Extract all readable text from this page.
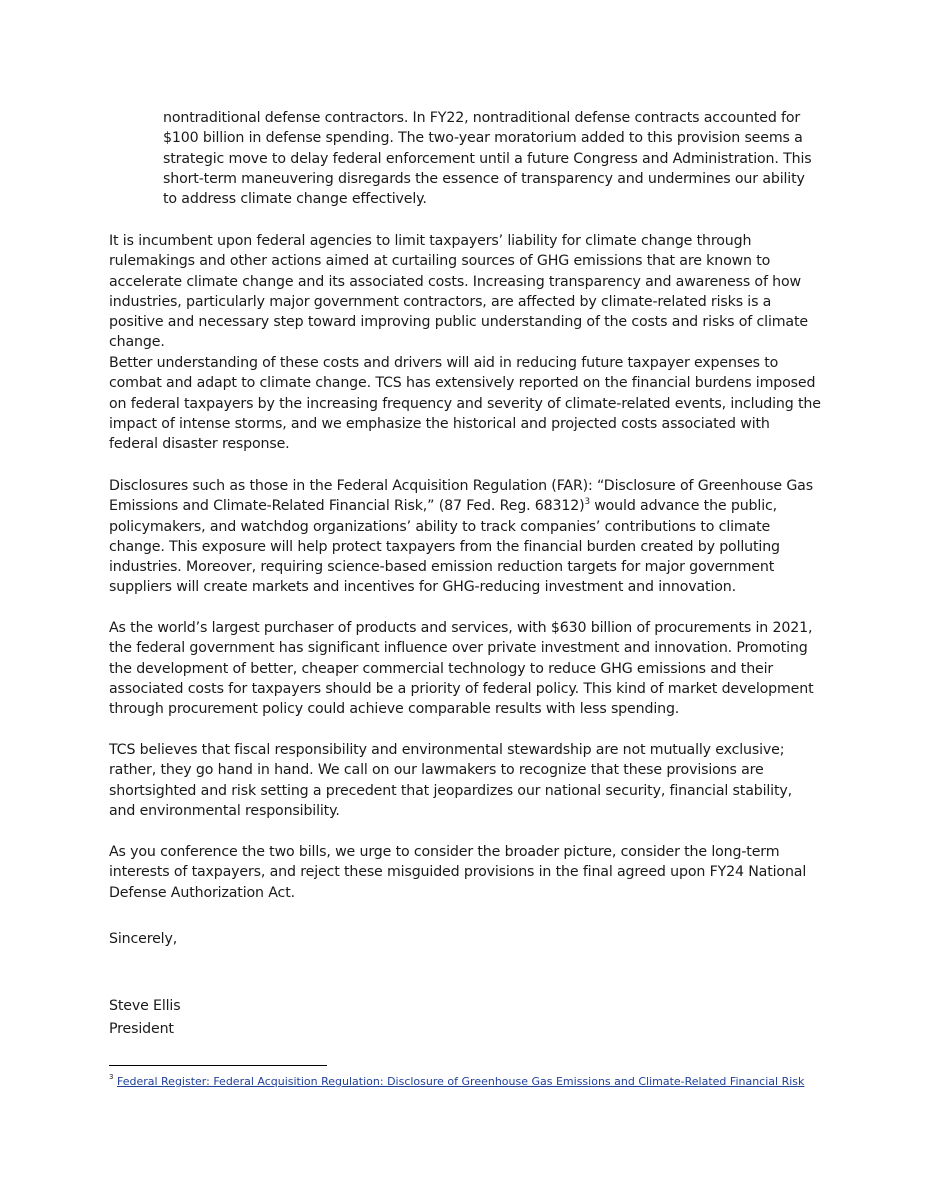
nontraditional defense contractors. In FY22, nontraditional defense contracts accounted for $100 billion in defense spending. The two-year moratorium added to this provision seems a strategic move to delay federal enforcement until a future Congress and Administration. This short-term maneuvering disregards the essence of transparency and undermines our ability to address climate change effectively.

It is incumbent upon federal agencies to limit taxpayers’ liability for climate change through rulemakings and other actions aimed at curtailing sources of GHG emissions that are known to accelerate climate change and its associated costs. Increasing transparency and awareness of how industries, particularly major government contractors, are affected by climate-related risks is a positive and necessary step toward improving public understanding of the costs and risks of climate change.

Better understanding of these costs and drivers will aid in reducing future taxpayer expenses to combat and adapt to climate change. TCS has extensively reported on the financial burdens imposed on federal taxpayers by the increasing frequency and severity of climate-related events, including the impact of intense storms, and we emphasize the historical and projected costs associated with federal disaster response.

Disclosures such as those in the Federal Acquisition Regulation (FAR): “Disclosure of Greenhouse Gas Emissions and Climate-Related Financial Risk,” (87 Fed. Reg. 68312)$^3$ would advance the public, policymakers, and watchdog organizations’ ability to track companies’ contributions to climate change. This exposure will help protect taxpayers from the financial burden created by polluting industries. Moreover, requiring science-based emission reduction targets for major government suppliers will create markets and incentives for GHG-reducing investment and innovation.

As the world’s largest purchaser of products and services, with $630 billion of procurements in 2021, the federal government has significant influence over private investment and innovation. Promoting the development of better, cheaper commercial technology to reduce GHG emissions and their associated costs for taxpayers should be a priority of federal policy. This kind of market development through procurement policy could achieve comparable results with less spending.

TCS believes that fiscal responsibility and environmental stewardship are not mutually exclusive; rather, they go hand in hand. We call on our lawmakers to recognize that these provisions are shortsighted and risk setting a precedent that jeopardizes our national security, financial stability, and environmental responsibility.

As you conference the two bills, we urge to consider the broader picture, consider the long-term interests of taxpayers, and reject these misguided provisions in the final agreed upon FY24 National Defense Authorization Act.

Sincerely,

Steve Ellis

President

$^3$ Federal Register: Federal Acquisition Regulation: Disclosure of Greenhouse Gas Emissions and Climate-Related Financial Risk
